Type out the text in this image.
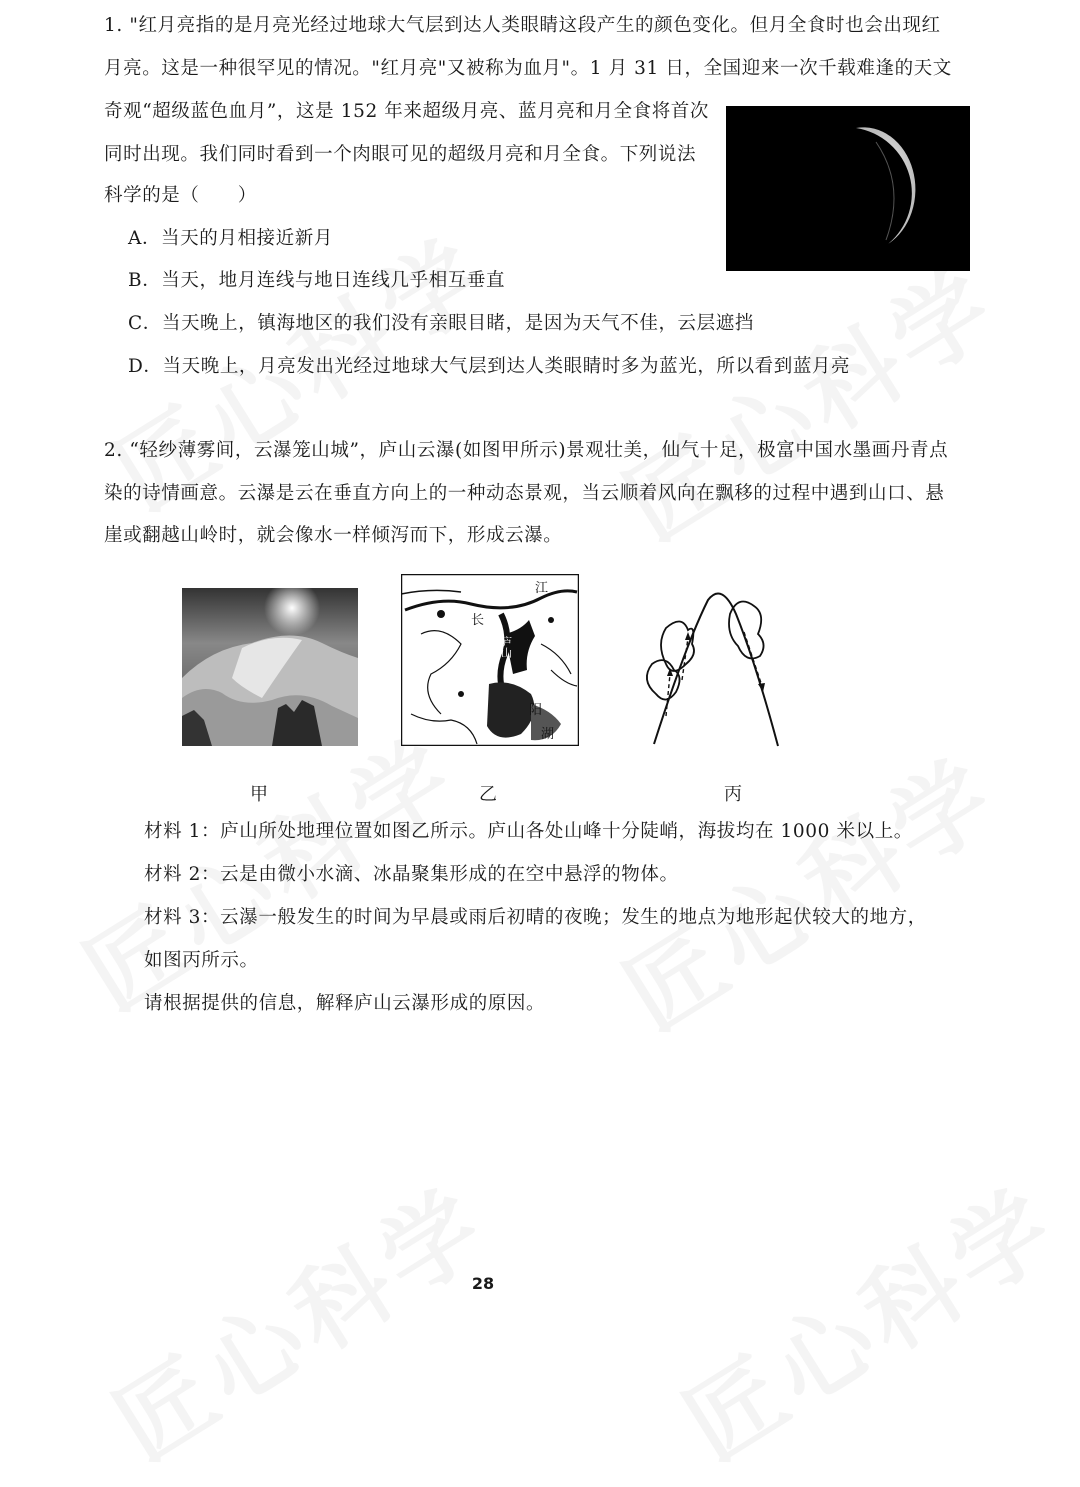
1. "红月亮指的是月亮光经过地球大气层到达人类眼睛这段产生的颜色变化。但月全食时也会出现红
月亮。这是一种很罕见的情况。"红月亮"又被称为血月"。1 月 31 日，全国迎来一次千载难逢的天文
奇观“超级蓝色血月”，这是 152 年来超级月亮、蓝月亮和月全食将首次
同时出现。我们同时看到一个肉眼可见的超级月亮和月全食。下列说法
科学的是（　　）
A．当天的月相接近新月
B．当天，地月连线与地日连线几乎相互垂直
C．当天晚上，镇海地区的我们没有亲眼目睹，是因为天气不佳，云层遮挡
D．当天晚上，月亮发出光经过地球大气层到达人类眼睛时多为蓝光，所以看到蓝月亮
2. “轻纱薄雾间，云瀑笼山城”，庐山云瀑(如图甲所示)景观壮美，仙气十足，极富中国水墨画丹青点
染的诗情画意。云瀑是云在垂直方向上的一种动态景观，当云顺着风向在飘移的过程中遇到山口、悬
崖或翻越山岭时，就会像水一样倾泻而下，形成云瀑。
江
长
庐山
阳
湖
甲	乙	丙
材料 1：庐山所处地理位置如图乙所示。庐山各处山峰十分陡峭，海拔均在 1000 米以上。
材料 2：云是由微小水滴、冰晶聚集形成的在空中悬浮的物体。
材料 3：云瀑一般发生的时间为早晨或雨后初晴的夜晚；发生的地点为地形起伏较大的地方，
如图丙所示。
请根据提供的信息，解释庐山云瀑形成的原因。
28
